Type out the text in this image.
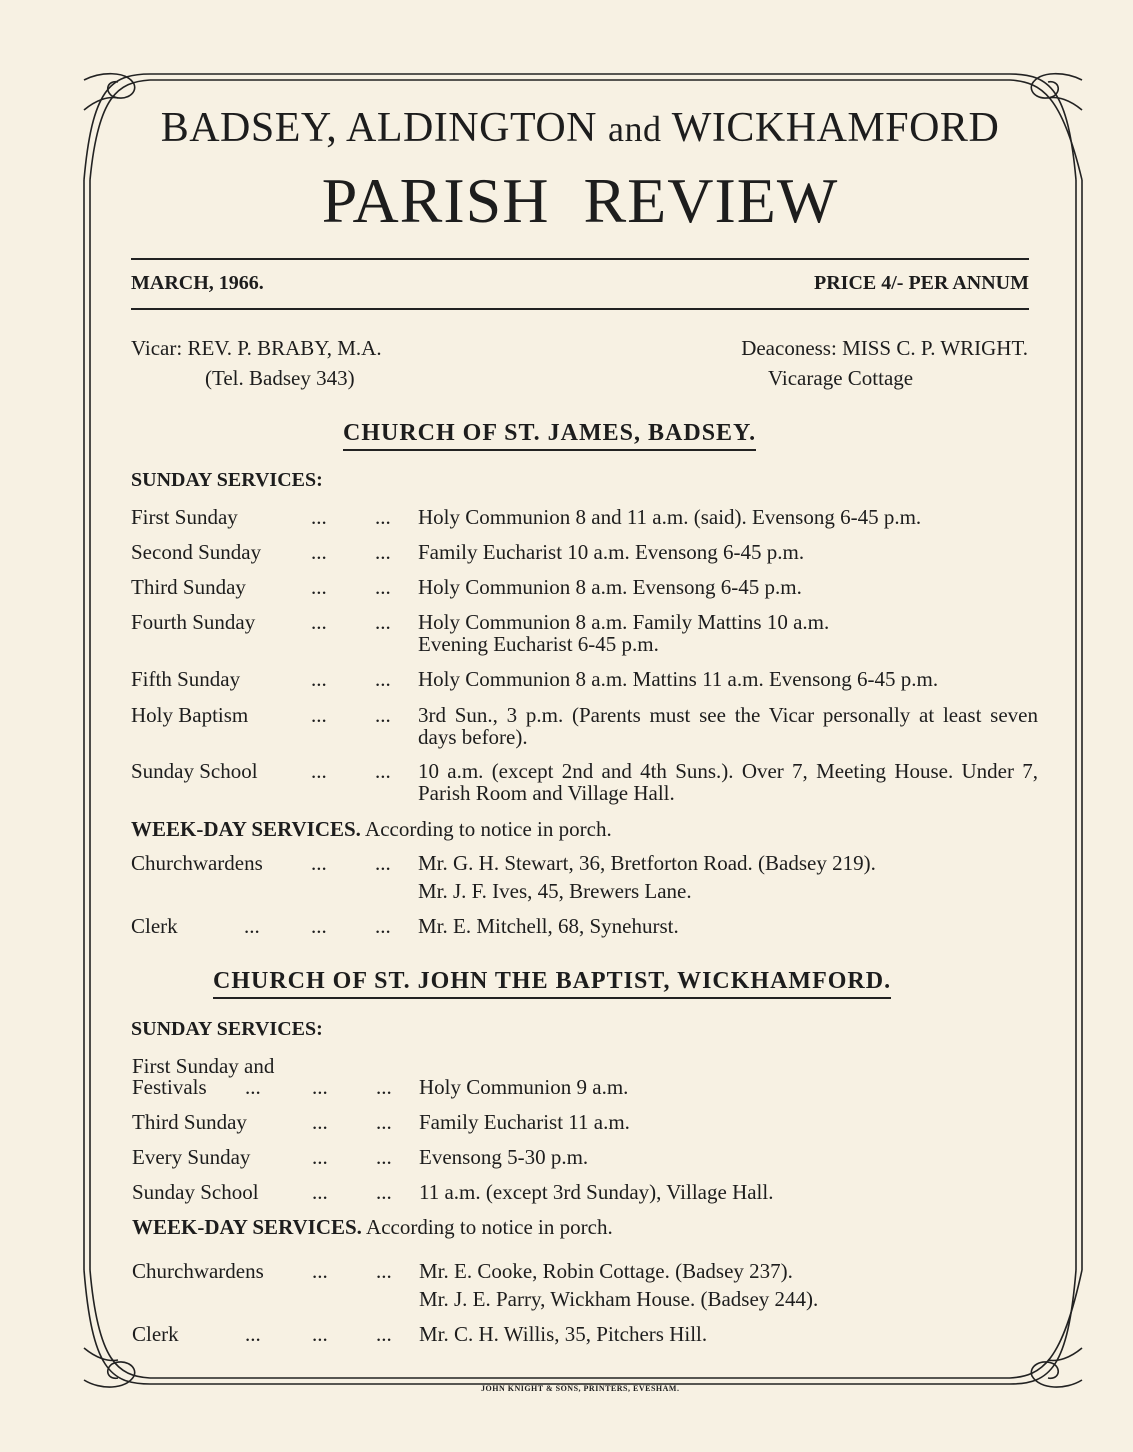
BADSEY, ALDINGTON and WICKHAMFORD
PARISH  REVIEW
MARCH, 1966.	PRICE 4/- PER ANNUM
Vicar: REV. P. BRABY, M.A.
(Tel. Badsey 343)
Deaconess: MISS C. P. WRIGHT.
Vicarage Cottage
CHURCH OF ST. JAMES, BADSEY.
SUNDAY SERVICES:
First Sunday	... ... Holy Communion 8 and 11 a.m. (said). Evensong 6-45 p.m.
Second Sunday ... ... Family Eucharist 10 a.m. Evensong 6-45 p.m.
Third Sunday	... ... Holy Communion 8 a.m. Evensong 6-45 p.m.
Fourth Sunday	... ... Holy Communion 8 a.m. Family Mattins 10 a.m. Evening Eucharist 6-45 p.m.
Fifth Sunday	... ... Holy Communion 8 a.m. Mattins 11 a.m. Evensong 6-45 p.m.
Holy Baptism	... ... 3rd Sun., 3 p.m. (Parents must see the Vicar personally at least seven days before).
Sunday School	... ... 10 a.m. (except 2nd and 4th Suns.). Over 7, Meeting House. Under 7, Parish Room and Village Hall.
WEEK-DAY SERVICES. According to notice in porch.
Churchwardens ... ... Mr. G. H. Stewart, 36, Bretforton Road. (Badsey 219).
Mr. J. F. Ives, 45, Brewers Lane.
Clerk	... ... ... Mr. E. Mitchell, 68, Synehurst.
CHURCH OF ST. JOHN THE BAPTIST, WICKHAMFORD.
SUNDAY SERVICES:
First Sunday and
Festivals ... ... ... Holy Communion 9 a.m.
Third Sunday	... ... Family Eucharist 11 a.m.
Every Sunday	... ... Evensong 5-30 p.m.
Sunday School	... ... 11 a.m. (except 3rd Sunday), Village Hall.
WEEK-DAY SERVICES. According to notice in porch.
Churchwardens ... ... Mr. E. Cooke, Robin Cottage. (Badsey 237).
Mr. J. E. Parry, Wickham House. (Badsey 244).
Clerk	... ... ... Mr. C. H. Willis, 35, Pitchers Hill.
JOHN KNIGHT & SONS, PRINTERS, EVESHAM.
